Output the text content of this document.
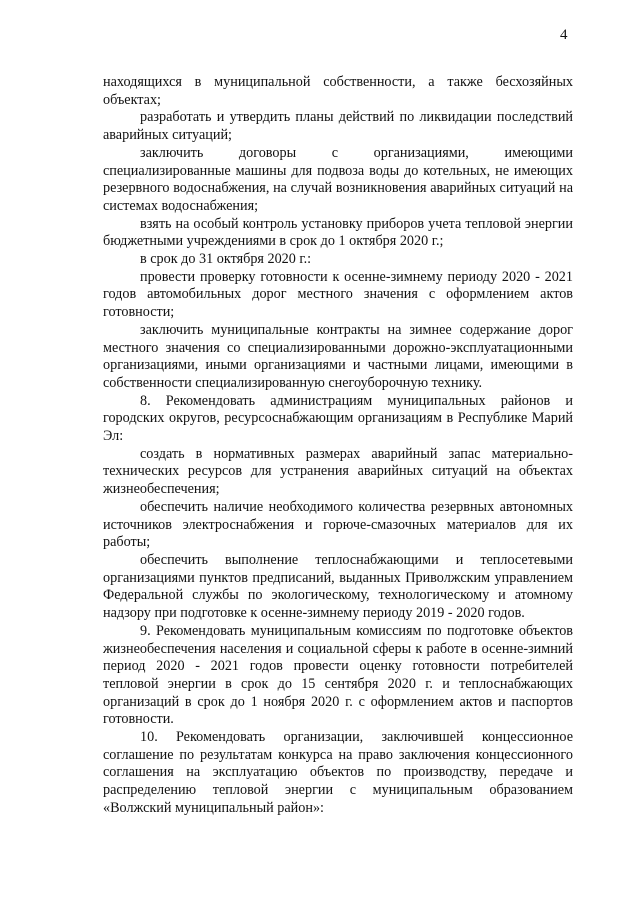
4

находящихся в муниципальной собственности, а также бесхозяйных объектах;

разработать и утвердить планы действий по ликвидации последствий аварийных ситуаций;

заключить договоры с организациями, имеющими специализированные машины для подвоза воды до котельных, не имеющих резервного водоснабжения, на случай возникновения аварийных ситуаций на системах водоснабжения;

взять на особый контроль установку приборов учета тепловой энергии бюджетными учреждениями в срок до 1 октября 2020 г.;

в срок до 31 октября 2020 г.:

провести проверку готовности к осенне-зимнему периоду 2020 - 2021 годов автомобильных дорог местного значения с оформлением актов готовности;

заключить муниципальные контракты на зимнее содержание дорог местного значения со специализированными дорожно-эксплуатационными организациями, иными организациями и частными лицами, имеющими в собственности специализированную снегоуборочную технику.

8. Рекомендовать администрациям муниципальных районов и городских округов, ресурсоснабжающим организациям в Республике Марий Эл:

создать в нормативных размерах аварийный запас материально-технических ресурсов для устранения аварийных ситуаций на объектах жизнеобеспечения;

обеспечить наличие необходимого количества резервных автономных источников электроснабжения и горюче-смазочных материалов для их работы;

обеспечить выполнение теплоснабжающими и теплосетевыми организациями пунктов предписаний, выданных Приволжским управлением Федеральной службы по экологическому, технологическому и атомному надзору при подготовке к осенне-зимнему периоду 2019 - 2020 годов.

9. Рекомендовать муниципальным комиссиям по подготовке объектов жизнеобеспечения населения и социальной сферы к работе в осенне-зимний период 2020 - 2021 годов провести оценку готовности потребителей тепловой энергии в срок до 15 сентября 2020 г. и теплоснабжающих организаций в срок до 1 ноября 2020 г. с оформлением актов и паспортов готовности.

10. Рекомендовать организации, заключившей концессионное соглашение по результатам конкурса на право заключения концессионного соглашения на эксплуатацию объектов по производству, передаче и распределению тепловой энергии с муниципальным образованием «Волжский муниципальный район»:
